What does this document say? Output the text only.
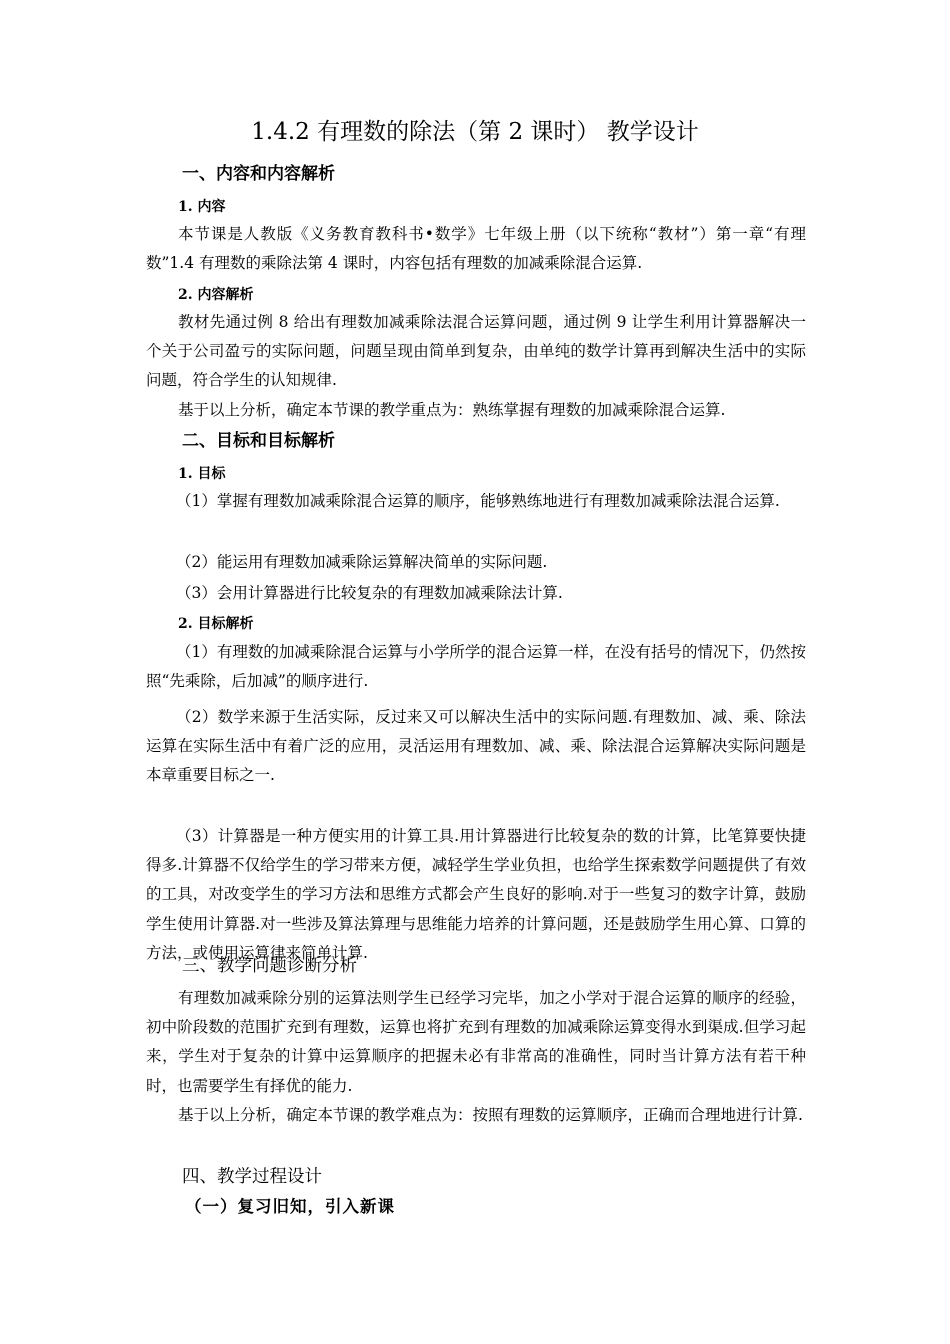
1.4.2 有理数的除法（第 2 课时） 教学设计
一、内容和内容解析
1. 内容

本节课是人教版《义务教育教科书•数学》七年级上册（以下统称“教材”）第一章“有理数”1.4 有理数的乘除法第 4 课时，内容包括有理数的加减乘除混合运算.

2. 内容解析

教材先通过例 8 给出有理数加减乘除法混合运算问题，通过例 9 让学生利用计算器解决一个关于公司盈亏的实际问题，问题呈现由简单到复杂，由单纯的数学计算再到解决生活中的实际问题，符合学生的认知规律.

基于以上分析，确定本节课的教学重点为：熟练掌握有理数的加减乘除混合运算.

二、目标和目标解析
1. 目标

（1）掌握有理数加减乘除混合运算的顺序，能够熟练地进行有理数加减乘除法混合运算.

（2）能运用有理数加减乘除运算解决简单的实际问题.

（3）会用计算器进行比较复杂的有理数加减乘除法计算.

2. 目标解析

（1）有理数的加减乘除混合运算与小学所学的混合运算一样，在没有括号的情况下，仍然按照“先乘除，后加减”的顺序进行.

（2）数学来源于生活实际，反过来又可以解决生活中的实际问题.有理数加、减、乘、除法运算在实际生活中有着广泛的应用，灵活运用有理数加、减、乘、除法混合运算解决实际问题是本章重要目标之一.

（3）计算器是一种方便实用的计算工具.用计算器进行比较复杂的数的计算，比笔算要快捷得多.计算器不仅给学生的学习带来方便，减轻学生学业负担，也给学生探索数学问题提供了有效的工具，对改变学生的学习方法和思维方式都会产生良好的影响.对于一些复习的数字计算，鼓励学生使用计算器.对一些涉及算法算理与思维能力培养的计算问题，还是鼓励学生用心算、口算的方法，或使用运算律来简单计算.

三、教学问题诊断分析

有理数加减乘除分别的运算法则学生已经学习完毕，加之小学对于混合运算的顺序的经验，初中阶段数的范围扩充到有理数，运算也将扩充到有理数的加减乘除运算变得水到渠成.但学习起来，学生对于复杂的计算中运算顺序的把握未必有非常高的准确性，同时当计算方法有若干种时，也需要学生有择优的能力.

基于以上分析，确定本节课的教学难点为：按照有理数的运算顺序，正确而合理地进行计算.

四、教学过程设计
（一）复习旧知，引入新课
